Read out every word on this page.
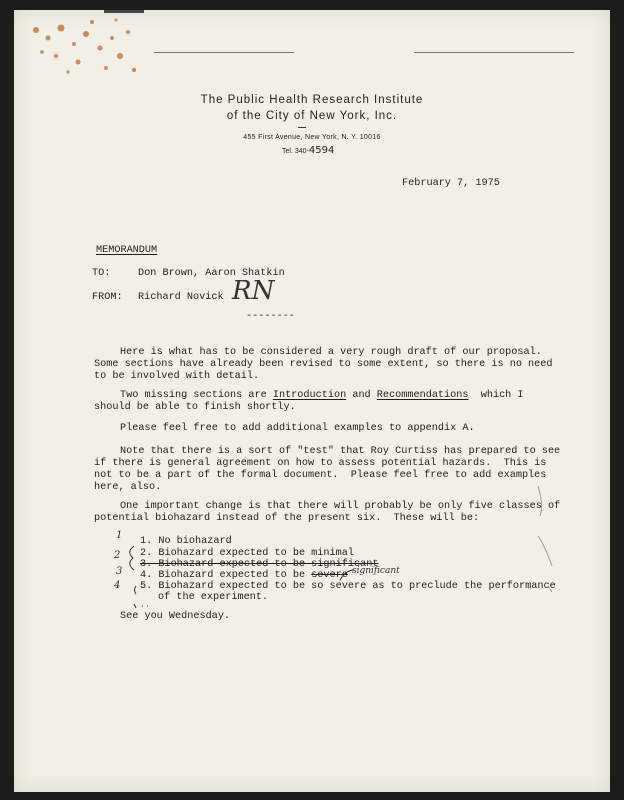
The Public Health Research Institute
of the City of New York, Inc.
455 First Avenue, New York, N. Y. 10016
Tel. 340-4594
February 7, 1975
MEMORANDUM
TO:	Don Brown, Aaron Shatkin
FROM: Richard Novick RN
--------
Here is what has to be considered a very rough draft of our proposal.
Some sections have already been revised to some extent, so there is no need
to be involved with detail.
Two missing sections are Introduction and Recommendations  which I
should be able to finish shortly.
Please feel free to add additional examples to appendix A.
Note that there is a sort of "test" that Roy Curtiss has prepared to see
if there is general agreement on how to assess potential hazards.  This is
not to be a part of the formal document.  Please feel free to add examples
here, also.
One important change is that there will probably be only five classes of
potential biohazard instead of the present six.  These will be:
1. No biohazard
2. Biohazard expected to be minimal
3. Biohazard expected to be significant
4. Biohazard expected to be severe significant
5. Biohazard expected to be so severe as to preclude the performance
of the experiment.
1
2
3
4
See you Wednesday.
